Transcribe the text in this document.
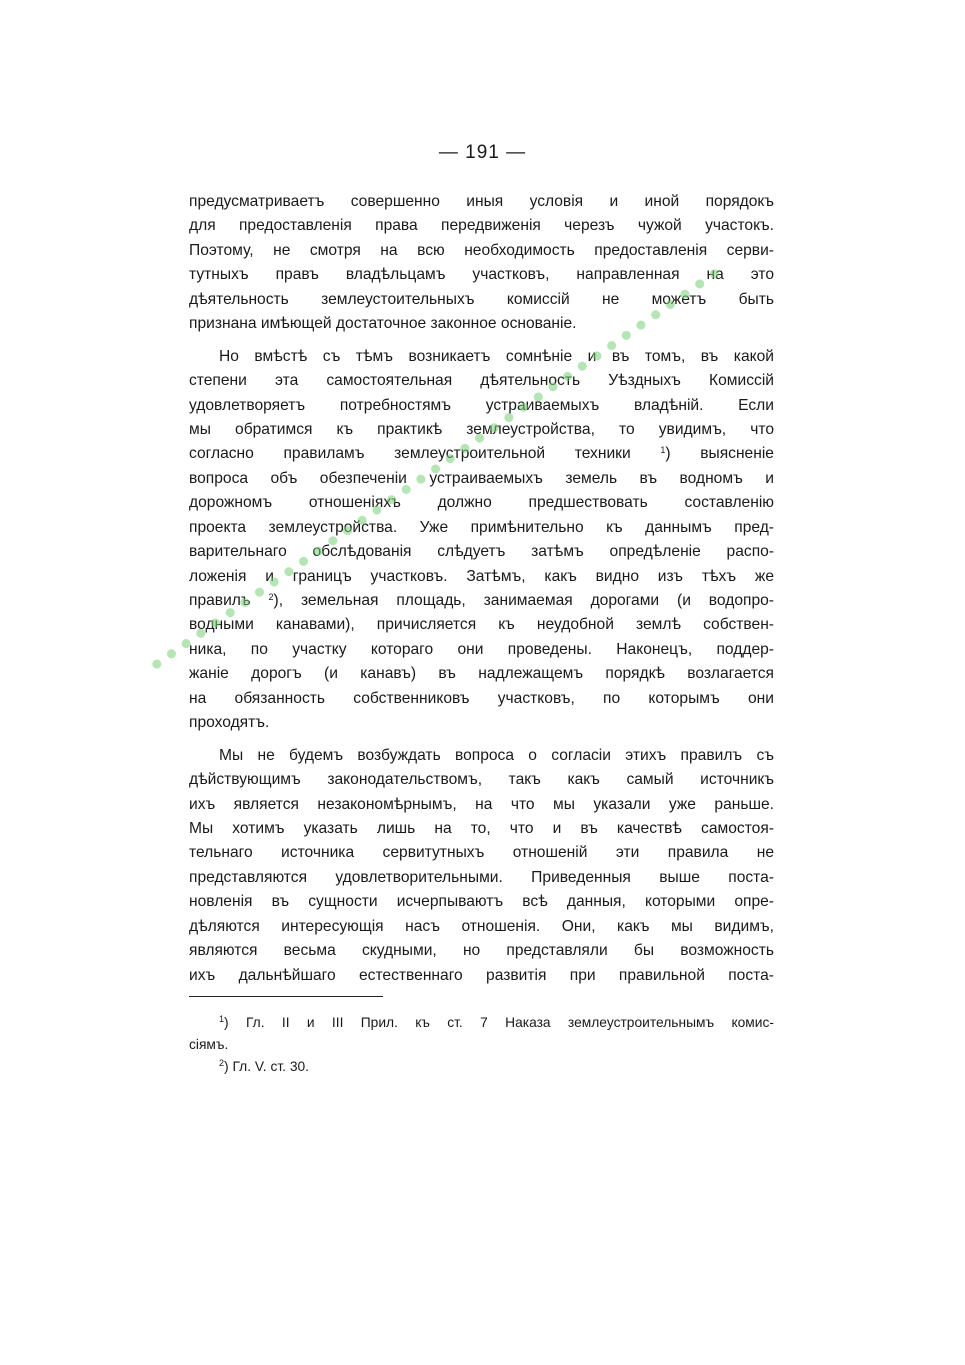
— 191 —
предусматриваетъ совершенно иныя условія и иной порядокъ
для предоставленія права передвиженія черезъ чужой участокъ.
Поэтому, не смотря на всю необходимость предоставленія серви-
тутныхъ правъ владѣльцамъ участковъ, направленная на это
дѣятельность землеустоительныхъ комиссій не можетъ быть
признана имѣющей достаточное законное основаніе.
Но вмѣстѣ съ тѣмъ возникаетъ сомнѣніе и въ томъ, въ какой
степени эта самостоятельная дѣятельность Уѣздныхъ Комиссій
удовлетворяетъ потребностямъ устраиваемыхъ владѣній. Если
мы обратимся къ практикѣ землеустройства, то увидимъ, что
согласно правиламъ землеустроительной техники	$^1$) выясненіе
вопроса объ обезпеченіи устраиваемыхъ земель въ водномъ и
дорожномъ отношеніяхъ должно предшествовать составленію
проекта землеустройства. Уже примѣнительно къ даннымъ пред-
варительнаго обслѣдованія слѣдуетъ затѣмъ опредѣленіе распо-
ложенія и границъ участковъ. Затѣмъ, какъ видно изъ тѣхъ же
правилъ $^2$), земельная площадь, занимаемая дорогами (и водопро-
водными канавами), причисляется къ неудобной землѣ собствен-
ника, по участку котораго они проведены. Наконецъ, поддер-
жаніе дорогъ (и канавъ) въ надлежащемъ порядкѣ возлагается
на обязанность собственниковъ участковъ, по которымъ они
проходятъ.
Мы не будемъ возбуждать вопроса о согласіи этихъ правилъ съ
дѣйствующимъ законодательствомъ, такъ какъ самый источникъ
ихъ является незакономѣрнымъ, на что мы указали уже раньше.
Мы хотимъ указать лишь на то, что и въ качествѣ самостоя-
тельнаго источника сервитутныхъ отношеній эти правила не
представляются удовлетворительными. Приведенныя выше поста-
новленія въ сущности исчерпываютъ всѣ данныя, которыми опре-
дѣляются интересующія насъ отношенія. Они, какъ мы видимъ,
являются весьма скудными, но представляли бы возможность
ихъ дальнѣйшаго естественнаго развитія при правильной поста-
$^1$) Гл. II и III Прил. къ ст. 7 Наказа землеустроительнымъ комис-
сіямъ.
$^2$) Гл. V. ст. 30.
